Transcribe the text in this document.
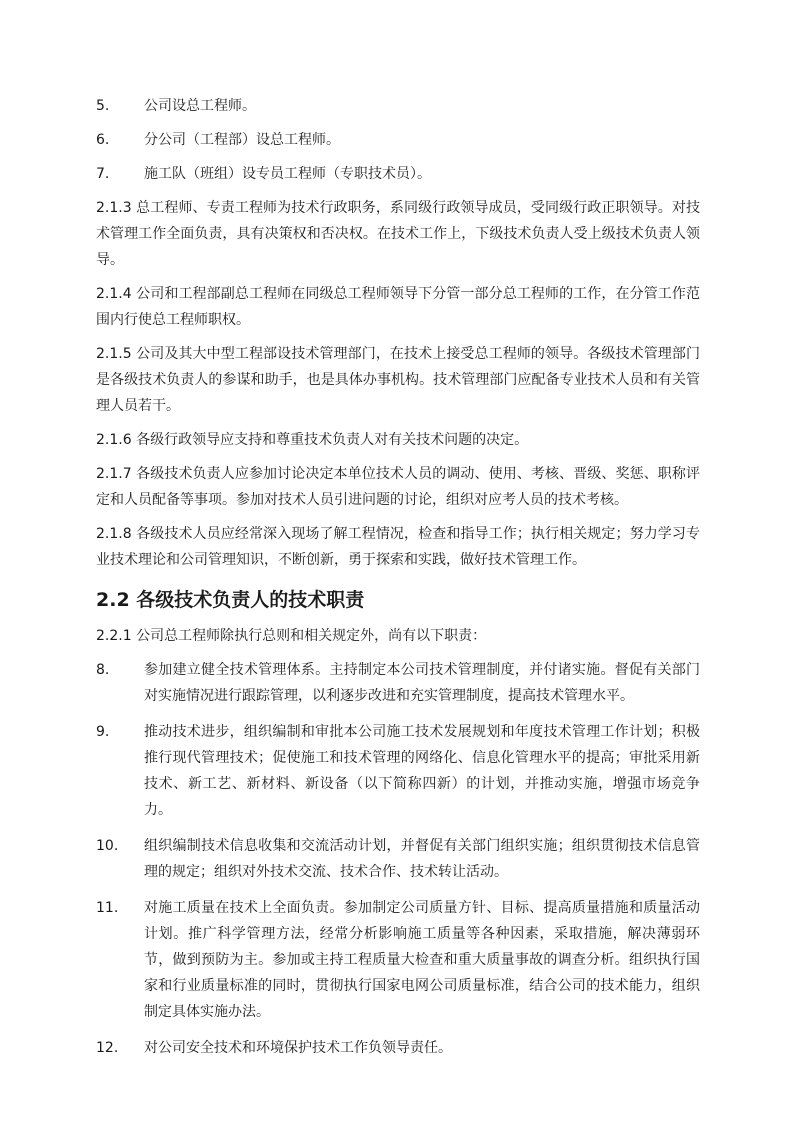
5.	公司设总工程师。
6.	分公司（工程部）设总工程师。
7.	施工队（班组）设专员工程师（专职技术员）。

2.1.3 总工程师、专责工程师为技术行政职务，系同级行政领导成员，受同级行政正职领导。对技术管理工作全面负责，具有决策权和否决权。在技术工作上，下级技术负责人受上级技术负责人领导。

2.1.4 公司和工程部副总工程师在同级总工程师领导下分管一部分总工程师的工作，在分管工作范围内行使总工程师职权。

2.1.5 公司及其大中型工程部设技术管理部门，在技术上接受总工程师的领导。各级技术管理部门是各级技术负责人的参谋和助手，也是具体办事机构。技术管理部门应配备专业技术人员和有关管理人员若干。

2.1.6 各级行政领导应支持和尊重技术负责人对有关技术问题的决定。

2.1.7 各级技术负责人应参加讨论决定本单位技术人员的调动、使用、考核、晋级、奖惩、职称评定和人员配备等事项。参加对技术人员引进问题的讨论，组织对应考人员的技术考核。

2.1.8 各级技术人员应经常深入现场了解工程情况，检查和指导工作；执行相关规定；努力学习专业技术理论和公司管理知识，不断创新，勇于探索和实践，做好技术管理工作。

2.2 各级技术负责人的技术职责

2.2.1 公司总工程师除执行总则和相关规定外，尚有以下职责：

8.	参加建立健全技术管理体系。主持制定本公司技术管理制度，并付诸实施。督促有关部门对实施情况进行跟踪管理，以利逐步改进和充实管理制度，提高技术管理水平。
9.	推动技术进步，组织编制和审批本公司施工技术发展规划和年度技术管理工作计划；积极推行现代管理技术；促使施工和技术管理的网络化、信息化管理水平的提高；审批采用新技术、新工艺、新材料、新设备（以下简称四新）的计划，并推动实施，增强市场竞争力。
10.	组织编制技术信息收集和交流活动计划，并督促有关部门组织实施；组织贯彻技术信息管理的规定；组织对外技术交流、技术合作、技术转让活动。
11.	对施工质量在技术上全面负责。参加制定公司质量方针、目标、提高质量措施和质量活动计划。推广科学管理方法，经常分析影响施工质量等各种因素，采取措施，解决薄弱环节，做到预防为主。参加或主持工程质量大检查和重大质量事故的调查分析。组织执行国家和行业质量标准的同时，贯彻执行国家电网公司质量标准，结合公司的技术能力，组织制定具体实施办法。
12.	对公司安全技术和环境保护技术工作负领导责任。
